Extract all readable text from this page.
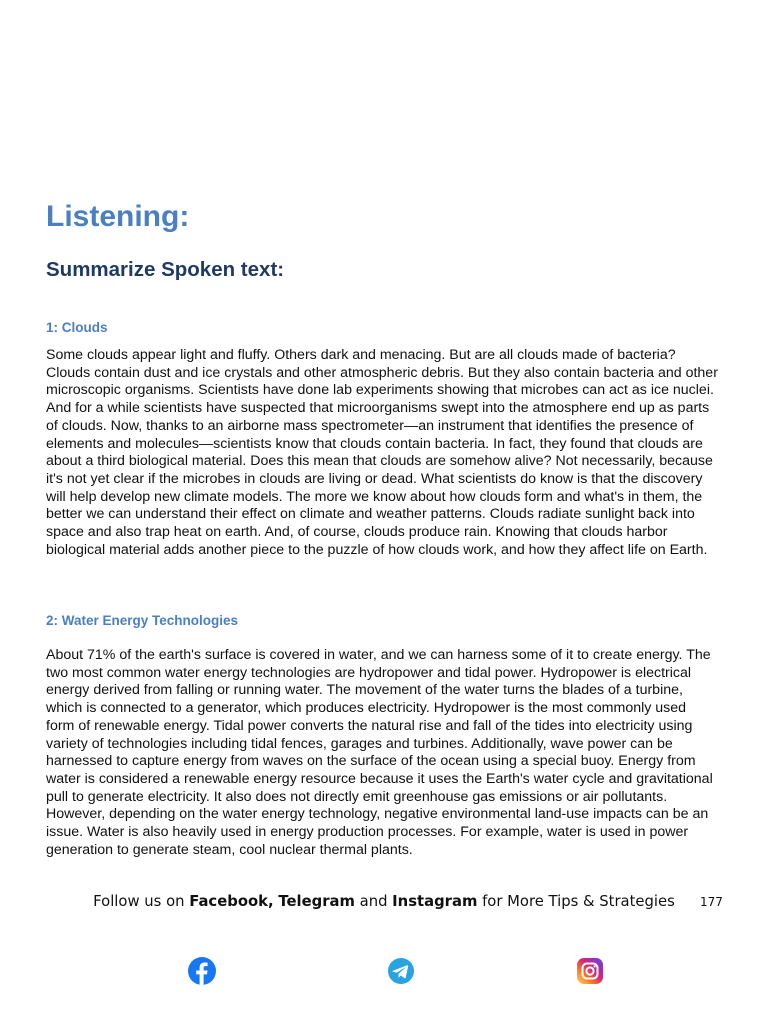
Listening:
Summarize Spoken text:
1: Clouds

Some clouds appear light and fluffy. Others dark and menacing. But are all clouds made of bacteria? Clouds contain dust and ice crystals and other atmospheric debris. But they also contain bacteria and other microscopic organisms. Scientists have done lab experiments showing that microbes can act as ice nuclei. And for a while scientists have suspected that microorganisms swept into the atmosphere end up as parts of clouds. Now, thanks to an airborne mass spectrometer—an instrument that identifies the presence of elements and molecules—scientists know that clouds contain bacteria. In fact, they found that clouds are about a third biological material. Does this mean that clouds are somehow alive? Not necessarily, because it's not yet clear if the microbes in clouds are living or dead. What scientists do know is that the discovery will help develop new climate models. The more we know about how clouds form and what's in them, the better we can understand their effect on climate and weather patterns. Clouds radiate sunlight back into space and also trap heat on earth. And, of course, clouds produce rain. Knowing that clouds harbor biological material adds another piece to the puzzle of how clouds work, and how they affect life on Earth.

2: Water Energy Technologies

About 71% of the earth's surface is covered in water, and we can harness some of it to create energy. The two most common water energy technologies are hydropower and tidal power. Hydropower is electrical energy derived from falling or running water. The movement of the water turns the blades of a turbine, which is connected to a generator, which produces electricity. Hydropower is the most commonly used form of renewable energy. Tidal power converts the natural rise and fall of the tides into electricity using variety of technologies including tidal fences, garages and turbines. Additionally, wave power can be harnessed to capture energy from waves on the surface of the ocean using a special buoy. Energy from water is considered a renewable energy resource because it uses the Earth's water cycle and gravitational pull to generate electricity. It also does not directly emit greenhouse gas emissions or air pollutants. However, depending on the water energy technology, negative environmental land-use impacts can be an issue. Water is also heavily used in energy production processes. For example, water is used in power generation to generate steam, cool nuclear thermal plants.

Follow us on Facebook, Telegram and Instagram for More Tips & Strategies	177
